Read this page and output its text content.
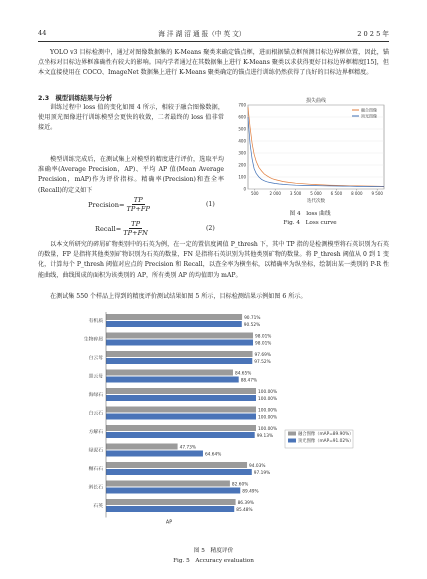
44	海 洋 湖 沼 通 报（中 英 文）	2 0 2 5 年

YOLO v3 目标检测中，通过对图像数据集的 K-Means 聚类来确定锚点框，进而根据锚点框预测目标边界框位置，因此，锚点坐标对目标边界框准确性有较大的影响。国内学者通过在其数据集上进行 K-Means 聚类以求获得更好目标边界框精度[15]，但本文直接使用在 COCO、ImageNet 数据集上进行 K-Means 聚类确定的锚点进行训练仍然获得了良好的目标边界框精度。

2.3　模型训练结果与分析

训练过程中 loss 值的变化如图 4 所示，相较于融合图像数据，使用顶光图像进行训练模型会更快的收敛，二者最终的 loss 值非常接近。

模型训练完成后，在测试集上对模型的精度进行评价，选取平均准确率(Average Precision，AP)、平均 AP 值(Mean Average Precision，mAP)作为评价指标。精确率(Precision)和查全率(Recall)的定义如下

Precision= $\frac{TP}{TP+FP}$	(1)
Recall= $\frac{TP}{TP+FN}$	(2)
损失曲线
0
100
200
300
400
500
600
700
500	2 000 3 500 5 000 6 500 8 000 9 500
迭代次数
融合图像
顶光图像
图 4　loss 曲线
Fig. 4　Loss curve

以本文所研究的碎屑矿物类别中的石英为例，在一定的置信度阈值 P_thresh 下，其中 TP 指的是检测模型将石英识别为石英的数量，FP 是指将其他类别矿物识别为石英的数量，FN 是指将石英识别为其他类别矿物的数量。将 P_thresh 阈值从 0 到 1 变化，计算每个 P_thresh 阈值对应点的 Precision 和 Recall，以查全率为横坐标，以精确率为纵坐标，绘制出某一类别的 P-R 性能曲线，曲线围成的面积为该类别的 AP，所有类别 AP 的均值即为 mAP。

在测试集 550 个样品上得到的精度评价测试结果如图 5 所示，目标检测结果示例如图 6 所示。

有机质
90.71%
90.52%
生物碎屑
98.01%
98.01%
白云母
97.69%
97.52%
黑云母
84.65%
88.47%
海绿石
100.00%
100.00%
白云石
100.00%
100.00%
方解石
100.00%
99.13%
绿泥石
47.73%
64.64%
榍石石
94.03%
97.19%
斜长石
82.60%
89.49%
石英
86.39%
85.48%
AP
融合图像（mAP=89.90%）
顶光图像（mAP=91.02%）
图 5　精度评价
Fig. 5　Accuracy evaluation
